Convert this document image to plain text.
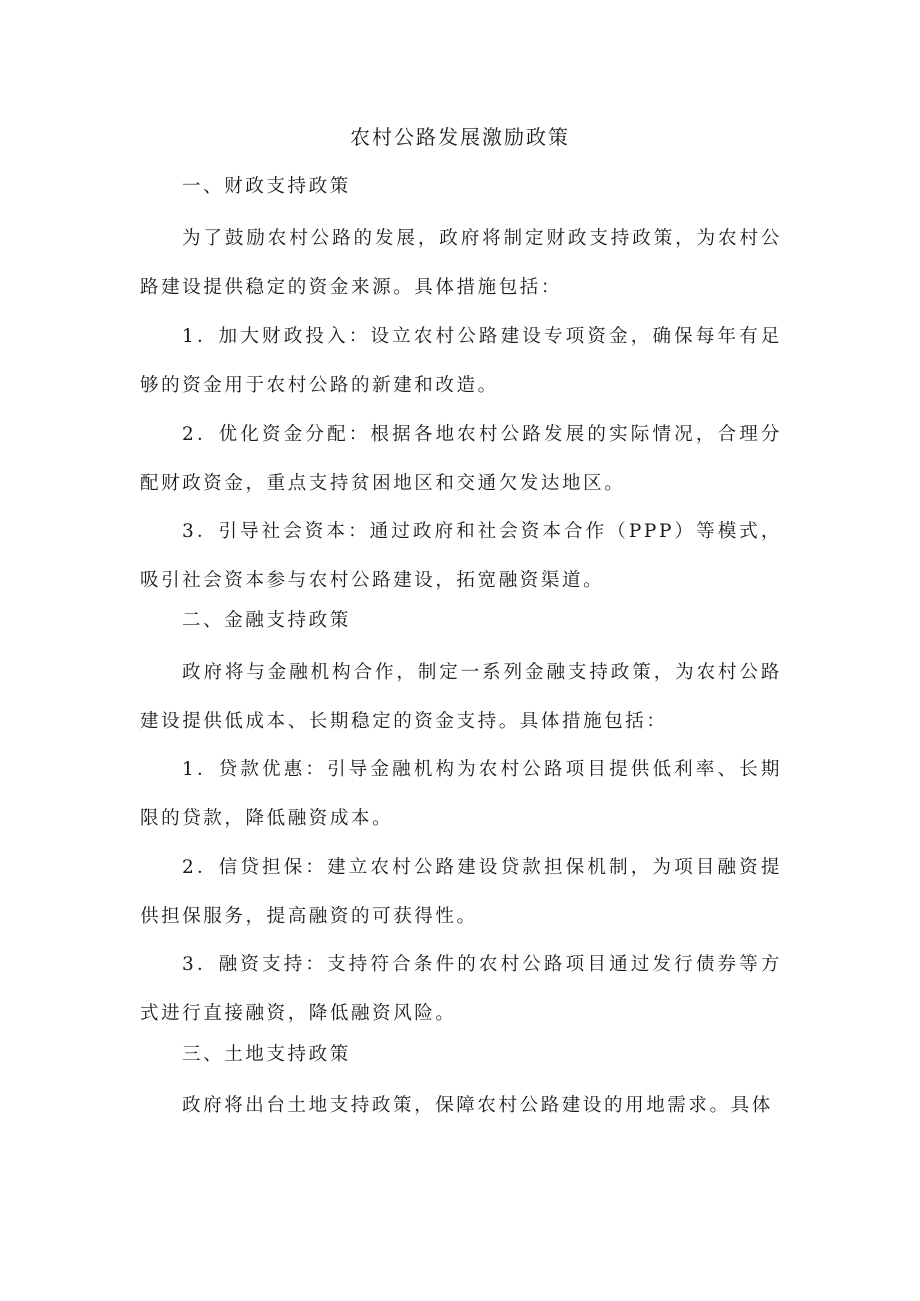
农村公路发展激励政策

一、财政支持政策

为了鼓励农村公路的发展，政府将制定财政支持政策，为农村公路建设提供稳定的资金来源。具体措施包括：

1．加大财政投入：设立农村公路建设专项资金，确保每年有足够的资金用于农村公路的新建和改造。

2．优化资金分配：根据各地农村公路发展的实际情况，合理分配财政资金，重点支持贫困地区和交通欠发达地区。

3．引导社会资本：通过政府和社会资本合作（PPP）等模式，吸引社会资本参与农村公路建设，拓宽融资渠道。

二、金融支持政策

政府将与金融机构合作，制定一系列金融支持政策，为农村公路建设提供低成本、长期稳定的资金支持。具体措施包括：

1．贷款优惠：引导金融机构为农村公路项目提供低利率、长期限的贷款，降低融资成本。

2．信贷担保：建立农村公路建设贷款担保机制，为项目融资提供担保服务，提高融资的可获得性。

3．融资支持：支持符合条件的农村公路项目通过发行债券等方式进行直接融资，降低融资风险。

三、土地支持政策

政府将出台土地支持政策，保障农村公路建设的用地需求。具体
